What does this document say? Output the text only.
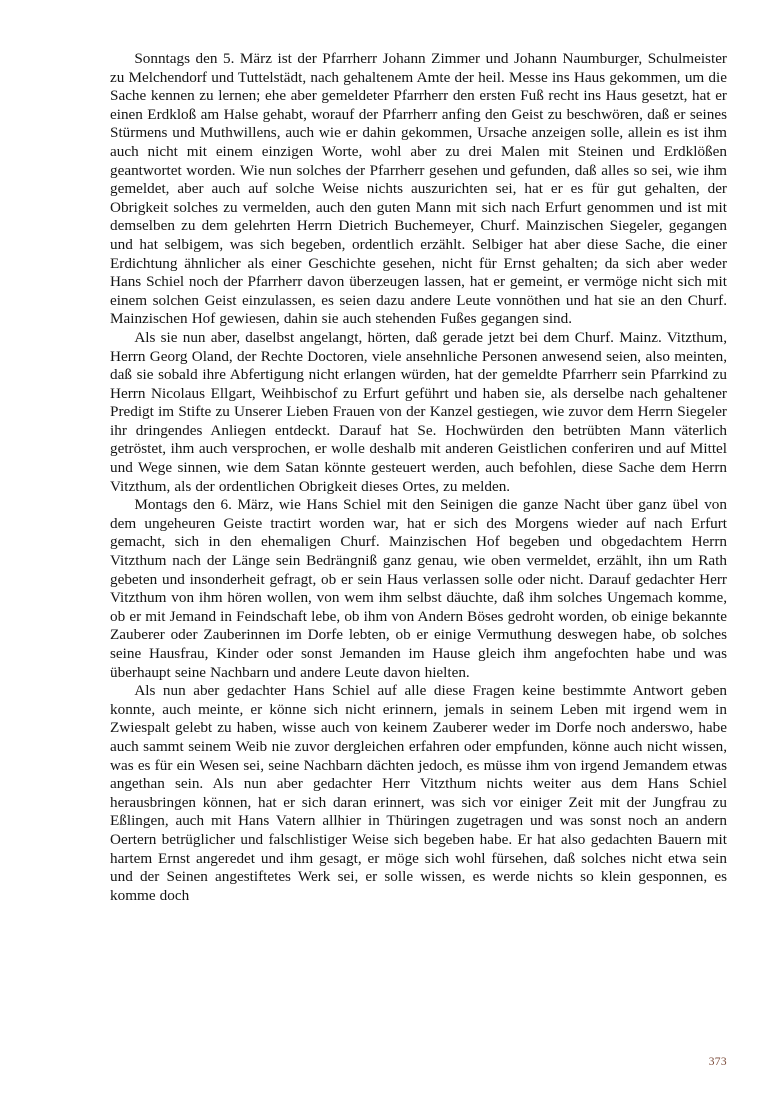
Sonntags den 5. März ist der Pfarrherr Johann Zimmer und Johann Naumburger, Schulmeister zu Melchendorf und Tuttelstädt, nach gehaltenem Amte der heil. Messe ins Haus gekommen, um die Sache kennen zu lernen; ehe aber gemeldeter Pfarrherr den ersten Fuß recht ins Haus gesetzt, hat er einen Erdkloß am Halse gehabt, worauf der Pfarrherr anfing den Geist zu beschwören, daß er seines Stürmens und Muthwillens, auch wie er dahin gekommen, Ursache anzeigen solle, allein es ist ihm auch nicht mit einem einzigen Worte, wohl aber zu drei Malen mit Steinen und Erdklößen geantwortet worden. Wie nun solches der Pfarrherr gesehen und gefunden, daß alles so sei, wie ihm gemeldet, aber auch auf solche Weise nichts auszurichten sei, hat er es für gut gehalten, der Obrigkeit solches zu vermelden, auch den guten Mann mit sich nach Erfurt genommen und ist mit demselben zu dem gelehrten Herrn Dietrich Buchemeyer, Churf. Mainzischen Siegeler, gegangen und hat selbigem, was sich begeben, ordentlich erzählt. Selbiger hat aber diese Sache, die einer Erdichtung ähnlicher als einer Geschichte gesehen, nicht für Ernst gehalten; da sich aber weder Hans Schiel noch der Pfarrherr davon überzeugen lassen, hat er gemeint, er vermöge nicht sich mit einem solchen Geist einzulassen, es seien dazu andere Leute vonnöthen und hat sie an den Churf. Mainzischen Hof gewiesen, dahin sie auch stehenden Fußes gegangen sind.

Als sie nun aber, daselbst angelangt, hörten, daß gerade jetzt bei dem Churf. Mainz. Vitzthum, Herrn Georg Oland, der Rechte Doctoren, viele ansehnliche Personen anwesend seien, also meinten, daß sie sobald ihre Abfertigung nicht erlangen würden, hat der gemeldte Pfarrherr sein Pfarrkind zu Herrn Nicolaus Ellgart, Weihbischof zu Erfurt geführt und haben sie, als derselbe nach gehaltener Predigt im Stifte zu Unserer Lieben Frauen von der Kanzel gestiegen, wie zuvor dem Herrn Siegeler ihr dringendes Anliegen entdeckt. Darauf hat Se. Hochwürden den betrübten Mann väterlich getröstet, ihm auch versprochen, er wolle deshalb mit anderen Geistlichen conferiren und auf Mittel und Wege sinnen, wie dem Satan könnte gesteuert werden, auch befohlen, diese Sache dem Herrn Vitzthum, als der ordentlichen Obrigkeit dieses Ortes, zu melden.

Montags den 6. März, wie Hans Schiel mit den Seinigen die ganze Nacht über ganz übel von dem ungeheuren Geiste tractirt worden war, hat er sich des Morgens wieder auf nach Erfurt gemacht, sich in den ehemaligen Churf. Mainzischen Hof begeben und obgedachtem Herrn Vitzthum nach der Länge sein Bedrängniß ganz genau, wie oben vermeldet, erzählt, ihn um Rath gebeten und insonderheit gefragt, ob er sein Haus verlassen solle oder nicht. Darauf gedachter Herr Vitzthum von ihm hören wollen, von wem ihm selbst däuchte, daß ihm solches Ungemach komme, ob er mit Jemand in Feindschaft lebe, ob ihm von Andern Böses gedroht worden, ob einige bekannte Zauberer oder Zauberinnen im Dorfe lebten, ob er einige Vermuthung deswegen habe, ob solches seine Hausfrau, Kinder oder sonst Jemanden im Hause gleich ihm angefochten habe und was überhaupt seine Nachbarn und andere Leute davon hielten.

Als nun aber gedachter Hans Schiel auf alle diese Fragen keine bestimmte Antwort geben konnte, auch meinte, er könne sich nicht erinnern, jemals in seinem Leben mit irgend wem in Zwiespalt gelebt zu haben, wisse auch von keinem Zauberer weder im Dorfe noch anderswo, habe auch sammt seinem Weib nie zuvor dergleichen erfahren oder empfunden, könne auch nicht wissen, was es für ein Wesen sei, seine Nachbarn dächten jedoch, es müsse ihm von irgend Jemandem etwas angethan sein. Als nun aber gedachter Herr Vitzthum nichts weiter aus dem Hans Schiel herausbringen können, hat er sich daran erinnert, was sich vor einiger Zeit mit der Jungfrau zu Eßlingen, auch mit Hans Vatern allhier in Thüringen zugetragen und was sonst noch an andern Oertern betrüglicher und falschlistiger Weise sich begeben habe. Er hat also gedachten Bauern mit hartem Ernst angeredet und ihm gesagt, er möge sich wohl fürsehen, daß solches nicht etwa sein und der Seinen angestiftetes Werk sei, er solle wissen, es werde nichts so klein gesponnen, es komme doch

373
